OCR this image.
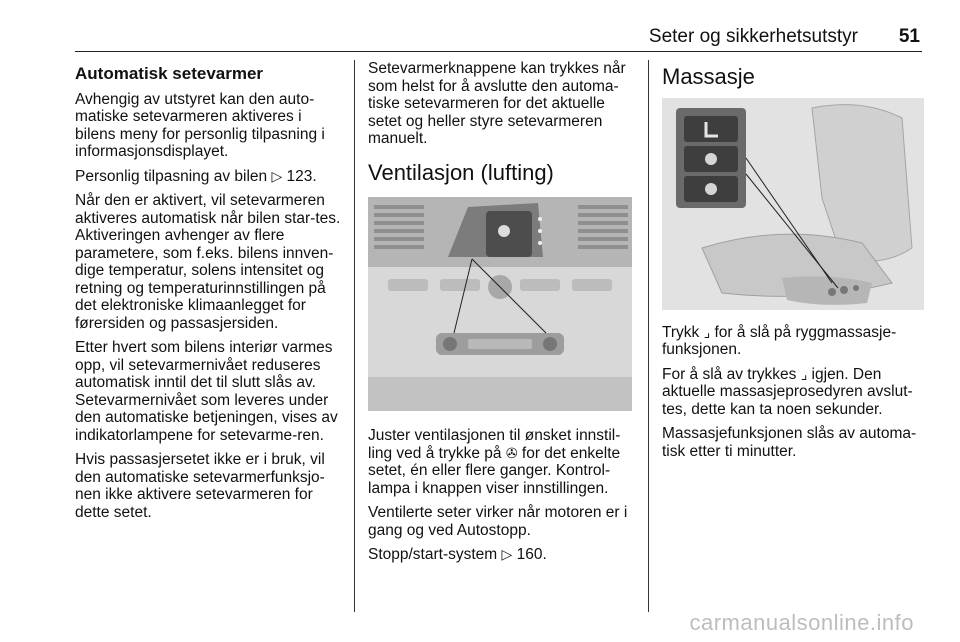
Seter og sikkerhetsutstyr 51
Automatisk setevarmer

Avhengig av utstyret kan den auto-matiske setevarmeren aktiveres i bilens meny for personlig tilpasning i informasjonsdisplayet.

Personlig tilpasning av bilen ▷ 123.

Når den er aktivert, vil setevarmeren aktiveres automatisk når bilen star-tes. Aktiveringen avhenger av flere parametere, som f.eks. bilens innven-dige temperatur, solens intensitet og retning og temperaturinnstillingen på det elektroniske klimaanlegget for førersiden og passasjersiden.

Etter hvert som bilens interiør varmes opp, vil setevarmernivået reduseres automatisk inntil det til slutt slås av. Setevarmernivået som leveres under den automatiske betjeningen, vises av indikatorlampene for setevarme-ren.

Hvis passasjersetet ikke er i bruk, vil den automatiske setevarmerfunksjo-nen ikke aktivere setevarmeren for dette setet.

Setevarmerknappene kan trykkes når som helst for å avslutte den automa-tiske setevarmeren for det aktuelle setet og heller styre setevarmeren manuelt.

Ventilasjon (lufting)

Juster ventilasjonen til ønsket innstil-ling ved å trykke på ✇ for det enkelte setet, én eller flere ganger. Kontrol-lampa i knappen viser innstillingen.

Ventilerte seter virker når motoren er i gang og ved Autostopp.

Stopp/start-system ▷ 160.

Massasje

Trykk ⌟ for å slå på ryggmassasje-funksjonen.

For å slå av trykkes ⌟ igjen. Den aktuelle massasjeprosedyren avslut-tes, dette kan ta noen sekunder.

Massasjefunksjonen slås av automa-tisk etter ti minutter.

carmanualsonline.info
